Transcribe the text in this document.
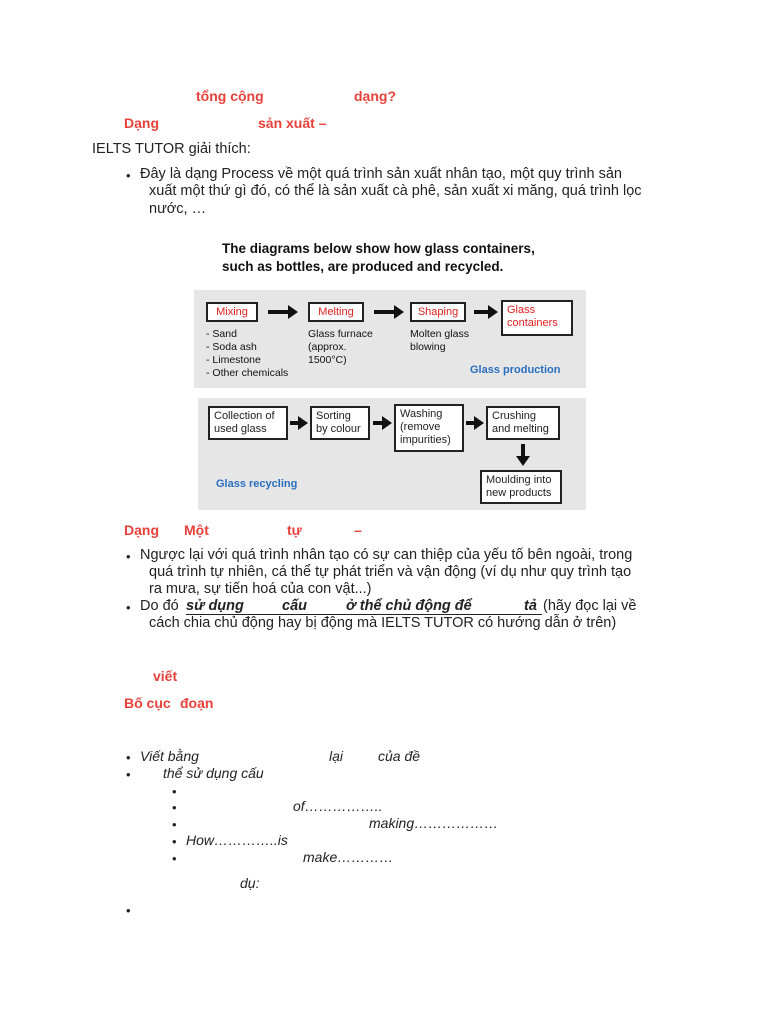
tổng cộng	dạng?
Dạng	sản xuất –
IELTS TUTOR giải thích:
• Đây là dạng Process về một quá trình sản xuất nhân tạo, một quy trình sản
xuất một thứ gì đó, có thể là sản xuất cà phê, sản xuất xi măng, quá trình lọc
nước, …
The diagrams below show how glass containers,
such as bottles, are produced and recycled.
Mixing	Melting	Shaping	Glass containers
- Sand
- Soda ash
- Limestone
- Other chemicals
Glass furnace
(approx.
1500°C)
Molten glass
blowing
Glass production
Collection of used glass
Sorting by colour
Washing (remove impurities)
Crushing and melting
Moulding into new products
Glass recycling
Dạng Một	tự	–
• Ngược lại với quá trình nhân tạo có sự can thiệp của yếu tố bên ngoài, trong
quá trình tự nhiên, cá thể tự phát triển và vận động (ví dụ như quy trình tạo
ra mưa, sự tiến hoá của con vật...)
• Do đó sử dụng	cấu	ở thể chủ động để	tả (hãy đọc lại về
cách chia chủ động hay bị động mà IELTS TUTOR có hướng dẫn ở trên)
viết
Bố cục đoạn
• Viết bằng	lại của đề
• thể sử dụng cấu
•
•	of……………..
•	making………………
• How…………..is
•	make…………
dụ:
•
